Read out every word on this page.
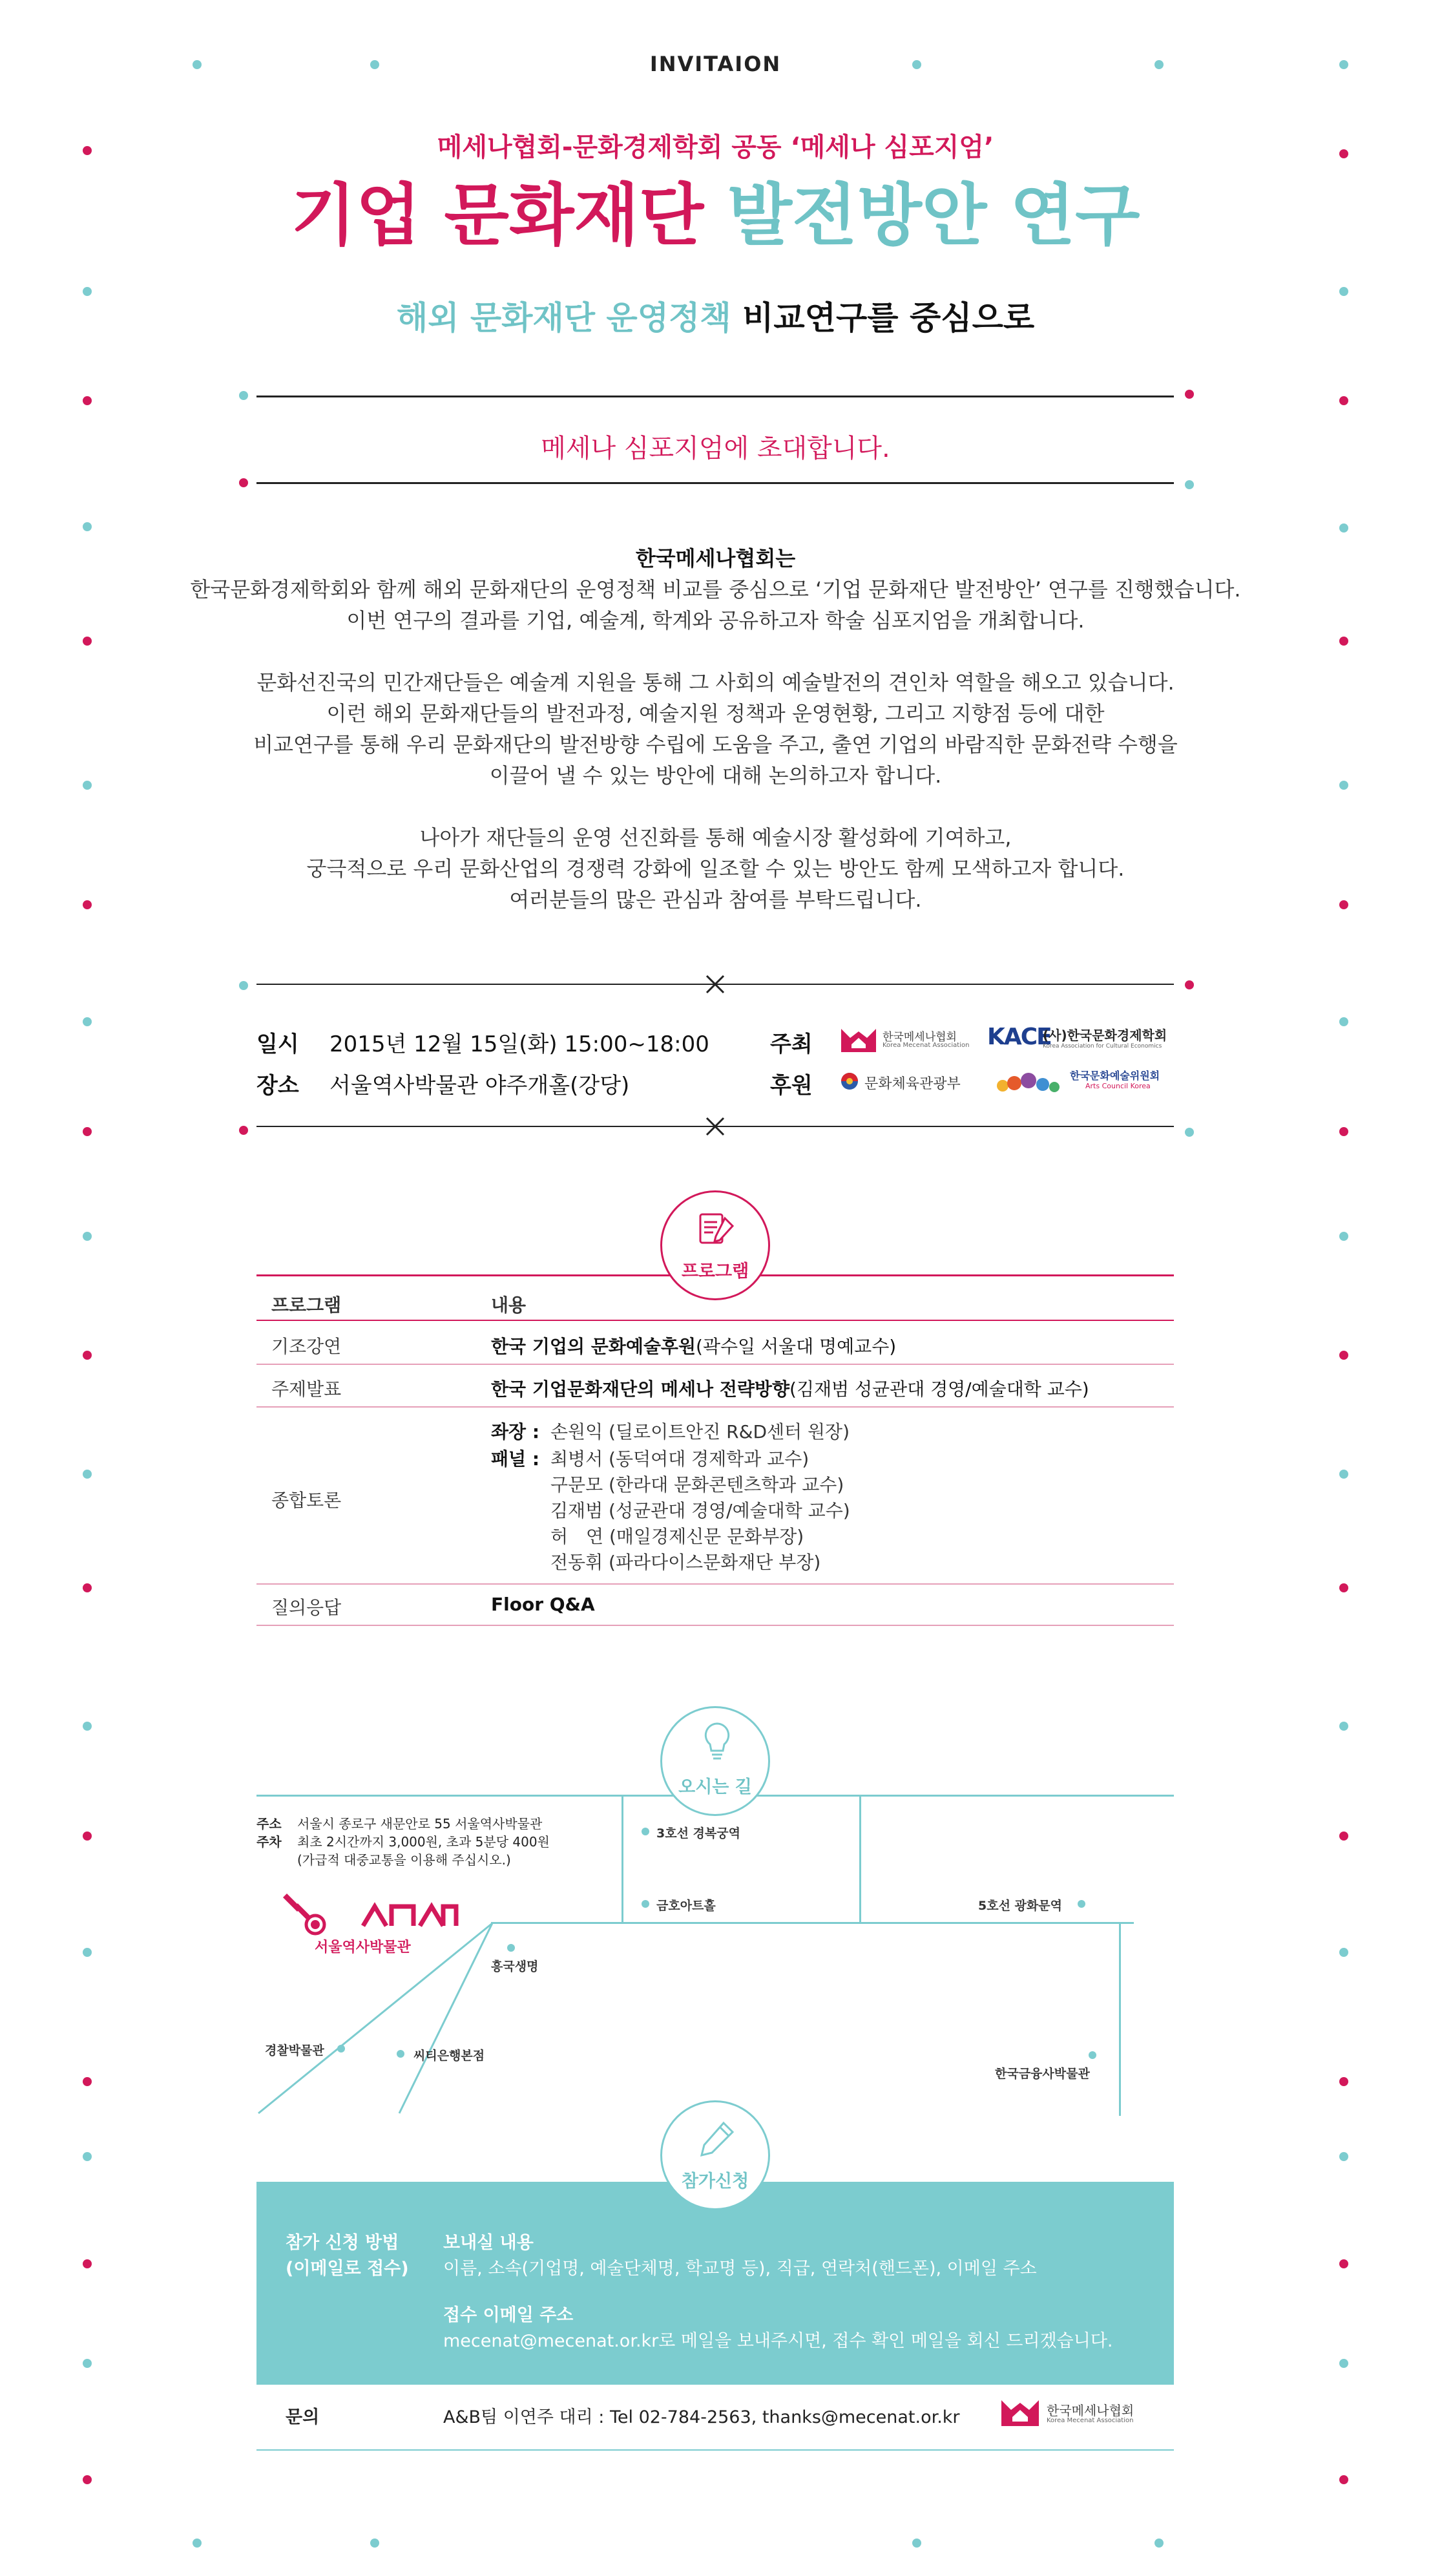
INVITAION
메세나협회-문화경제학회 공동 ‘메세나 심포지엄’
기업 문화재단 발전방안 연구
해외 문화재단 운영정책 비교연구를 중심으로
메세나 심포지엄에 초대합니다.

한국메세나협회는

한국문화경제학회와 함께 해외 문화재단의 운영정책 비교를 중심으로 ‘기업 문화재단 발전방안’ 연구를 진행했습니다.

이번 연구의 결과를 기업, 예술계, 학계와 공유하고자 학술 심포지엄을 개최합니다.

문화선진국의 민간재단들은 예술계 지원을 통해 그 사회의 예술발전의 견인차 역할을 해오고 있습니다.

이런 해외 문화재단들의 발전과정, 예술지원 정책과 운영현황, 그리고 지향점 등에 대한

비교연구를 통해 우리 문화재단의 발전방향 수립에 도움을 주고, 출연 기업의 바람직한 문화전략 수행을

이끌어 낼 수 있는 방안에 대해 논의하고자 합니다.

나아가 재단들의 운영 선진화를 통해 예술시장 활성화에 기여하고,

궁극적으로 우리 문화산업의 경쟁력 강화에 일조할 수 있는 방안도 함께 모색하고자 합니다.

여러분들의 많은 관심과 참여를 부탁드립니다.

일시 2015년 12월 15일(화) 15:00~18:00
장소 서울역사박물관 야주개홀(강당)
주최	한국메세나협회
Korea Mecenat Association KACE
(사)한국문화경제학회
Korea Association for Cultural Economics
후원	문화체육관광부
한국문화예술위원회
Arts Council Korea
프로그램
프로그램	내용
기조강연	한국 기업의 문화예술후원(곽수일 서울대 명예교수)
주제발표	한국 기업문화재단의 메세나 전략방향(김재범 성균관대 경영/예술대학 교수)
종합토론
좌장 : 손원익 (딜로이트안진 R&D센터 원장)
패널 : 최병서 (동덕여대 경제학과 교수)
구문모 (한라대 문화콘텐츠학과 교수)
김재범 (성균관대 경영/예술대학 교수)
허　연 (매일경제신문 문화부장)
전동휘 (파라다이스문화재단 부장)
질의응답	Floor Q&A
오시는 길
주소 서울시 종로구 새문안로 55 서울역사박물관
주차 최초 2시간까지 3,000원, 초과 5분당 400원
(가급적 대중교통을 이용해 주십시오.)
서울역사박물관
3호선 경복궁역
금호아트홀	5호선 광화문역
흥국생명
경찰박물관	씨티은행본점
한국금융사박물관
참가신청
참가 신청 방법
(이메일로 접수)
보내실 내용
이름, 소속(기업명, 예술단체명, 학교명 등), 직급, 연락처(핸드폰), 이메일 주소
접수 이메일 주소
mecenat@mecenat.or.kr로 메일을 보내주시면, 접수 확인 메일을 회신 드리겠습니다.
문의	A&B팀 이연주 대리 : Tel 02-784-2563, thanks@mecenat.or.kr	한국메세나협회
Korea Mecenat Association
